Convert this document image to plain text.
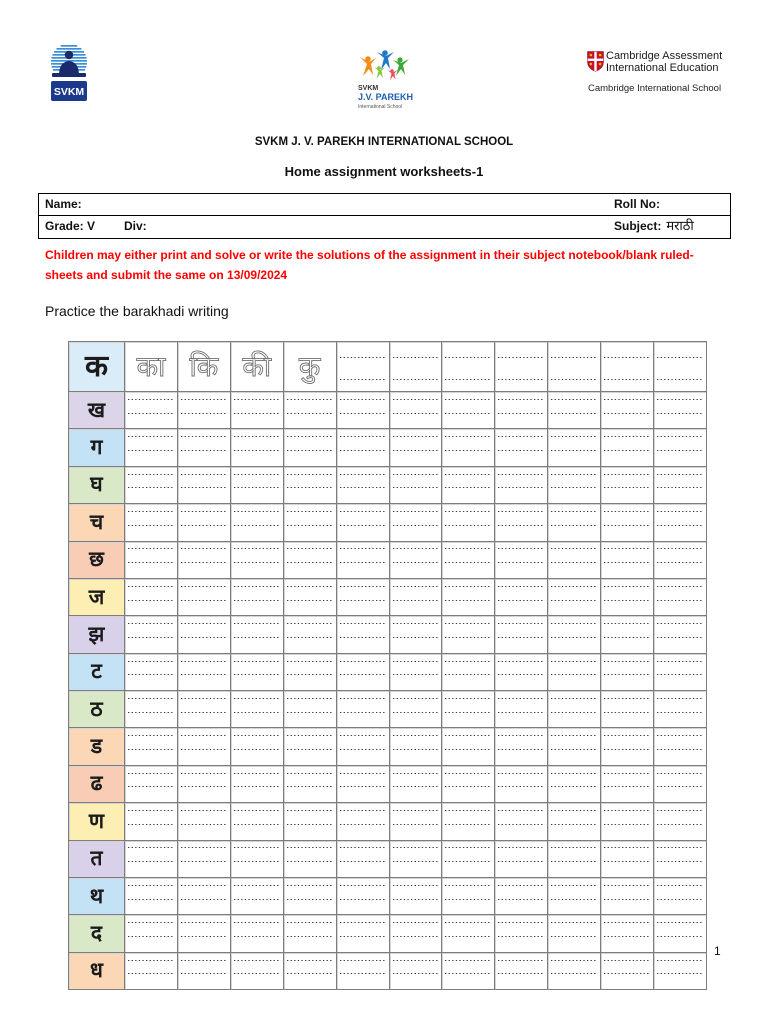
SVKM	SVKM
J.V. PAREKH
International School
Cambridge Assessment
International Education
Cambridge International School
SVKM J. V. PAREKH INTERNATIONAL SCHOOL
Home assignment worksheets-1
Name:	Roll No:
Grade: V Div:	Subject: मराठी
Children may either print and solve or write the solutions of the assignment in their subject notebook/blank ruled-
sheets and submit the same on 13/09/2024
Practice the barakhadi writing
क का कि की कु
ख
ग
घ
च
छ
ज
झ
ट
ठ
ड
ढ
ण
त
थ
द
ध
1
